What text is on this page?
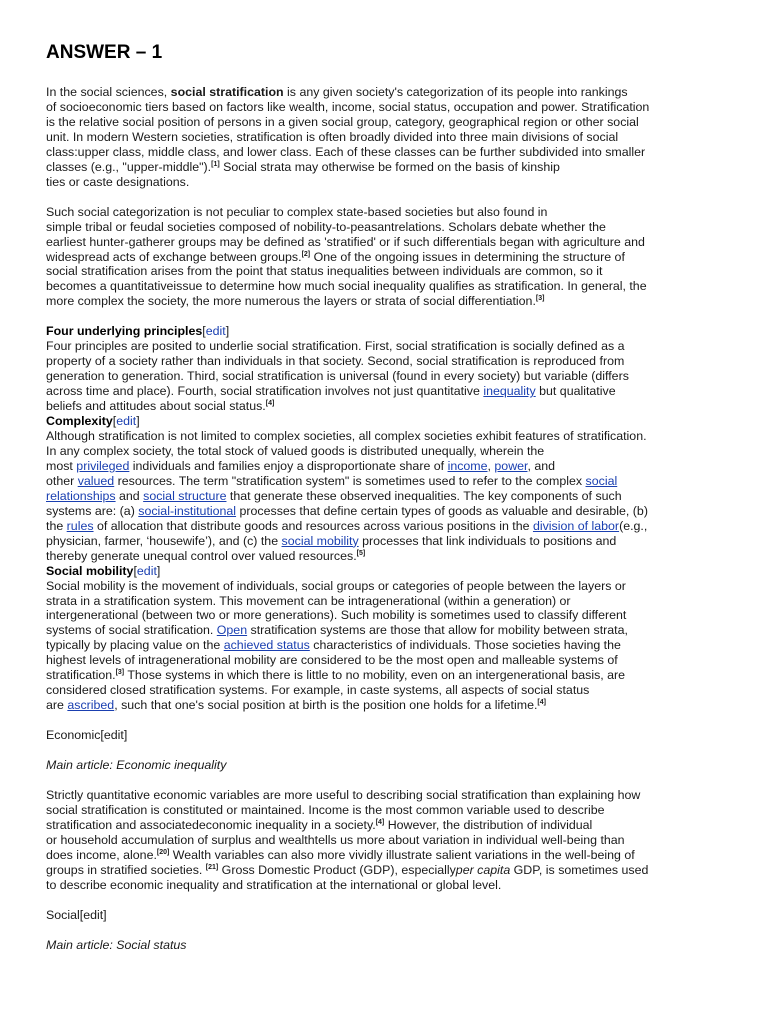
ANSWER – 1
In the social sciences, social stratification is any given society's categorization of its people into rankings
of socioeconomic tiers based on factors like wealth, income, social status, occupation and power. Stratification
is the relative social position of persons in a given social group, category, geographical region or other social
unit. In modern Western societies, stratification is often broadly divided into three main divisions of social
class:upper class, middle class, and lower class. Each of these classes can be further subdivided into smaller
classes (e.g., "upper-middle").[1] Social strata may otherwise be formed on the basis of kinship
ties or caste designations.
Such social categorization is not peculiar to complex state-based societies but also found in
simple tribal or feudal societies composed of nobility-to-peasantrelations. Scholars debate whether the
earliest hunter-gatherer groups may be defined as 'stratified' or if such differentials began with agriculture and
widespread acts of exchange between groups.[2] One of the ongoing issues in determining the structure of
social stratification arises from the point that status inequalities between individuals are common, so it
becomes a quantitativeissue to determine how much social inequality qualifies as stratification. In general, the
more complex the society, the more numerous the layers or strata of social differentiation.[3]
Four underlying principles[edit]
Four principles are posited to underlie social stratification. First, social stratification is socially defined as a
property of a society rather than individuals in that society. Second, social stratification is reproduced from
generation to generation. Third, social stratification is universal (found in every society) but variable (differs
across time and place). Fourth, social stratification involves not just quantitative inequality but qualitative
beliefs and attitudes about social status.[4]
Complexity[edit]
Although stratification is not limited to complex societies, all complex societies exhibit features of stratification.
In any complex society, the total stock of valued goods is distributed unequally, wherein the
most privileged individuals and families enjoy a disproportionate share of income, power, and
other valued resources. The term "stratification system" is sometimes used to refer to the complex social
relationships and social structure that generate these observed inequalities. The key components of such
systems are: (a) social-institutional processes that define certain types of goods as valuable and desirable, (b)
the rules of allocation that distribute goods and resources across various positions in the division of labor(e.g.,
physician, farmer, ‘housewife’), and (c) the social mobility processes that link individuals to positions and
thereby generate unequal control over valued resources.[5]
Social mobility[edit]
Social mobility is the movement of individuals, social groups or categories of people between the layers or
strata in a stratification system. This movement can be intragenerational (within a generation) or
intergenerational (between two or more generations). Such mobility is sometimes used to classify different
systems of social stratification. Open stratification systems are those that allow for mobility between strata,
typically by placing value on the achieved status characteristics of individuals. Those societies having the
highest levels of intragenerational mobility are considered to be the most open and malleable systems of
stratification.[3] Those systems in which there is little to no mobility, even on an intergenerational basis, are
considered closed stratification systems. For example, in caste systems, all aspects of social status
are ascribed, such that one's social position at birth is the position one holds for a lifetime.[4]
Economic[edit]
Main article: Economic inequality
Strictly quantitative economic variables are more useful to describing social stratification than explaining how
social stratification is constituted or maintained. Income is the most common variable used to describe
stratification and associatedeconomic inequality in a society.[4] However, the distribution of individual
or household accumulation of surplus and wealthtells us more about variation in individual well-being than
does income, alone.[20] Wealth variables can also more vividly illustrate salient variations in the well-being of
groups in stratified societies. [21] Gross Domestic Product (GDP), especiallyper capita GDP, is sometimes used
to describe economic inequality and stratification at the international or global level.
Social[edit]
Main article: Social status
